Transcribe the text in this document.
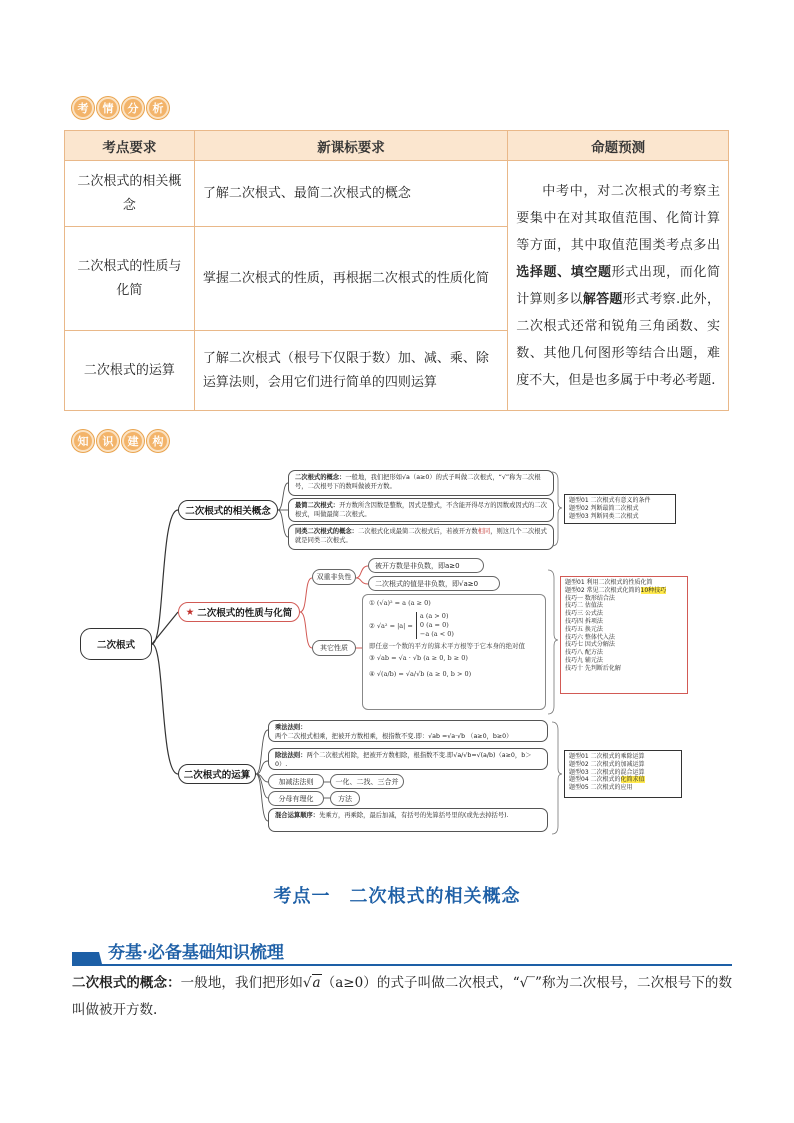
考	情	分	析
考点要求	新课标要求	命题预测
二次根式的相关概念	了解二次根式、最简二次根式的概念	中考中，对二次根式的考察主要集中在对其取值范围、化简计算等方面，其中取值范围类考点多出选择题、填空题形式出现，而化简计算则多以解答题形式考察.此外，二次根式还常和锐角三角函数、实数、其他几何图形等结合出题，难度不大，但是也多属于中考必考题.
二次根式的性质与化简	掌握二次根式的性质，再根据二次根式的性质化简	
二次根式的运算	了解二次根式（根号下仅限于数）加、减、乘、除运算法则，会用它们进行简单的四则运算	
知	识	建	构
二次根式
二次根式的相关概念
二次根式的概念：一般地，我们把形如√a（a≥0）的式子叫做二次根式，“√”称为二次根号，二次根号下的数叫做被开方数。
最简二次根式：开方数所含因数是整数，因式是整式，不含能开得尽方的因数或因式的二次根式，叫做最简二次根式。
同类二次根式的概念：二次根式化成最简二次根式后，若被开方数相同，则这几个二次根式就是同类二次根式。
题型01 二次根式有意义的条件
题型02 判断最简二次根式
题型03 判断同类二次根式
★ 二次根式的性质与化简
双重非负性
被开方数是非负数，即a≥0
二次根式的值是非负数，即√a≥0
其它性质
① (√a)² = a (a ≥ 0)
② √a² = |a| =
a (a > 0)
0 (a = 0)
−a (a < 0)
即任意一个数的平方的算术平方根等于它本身的绝对值
③ √ab = √a · √b (a ≥ 0, b ≥ 0)
④ √(a/b) = √a/√b (a ≥ 0, b > 0)
题型01 利用二次根式的性质化简
题型02 常见二次根式化简的10种技巧
技巧一 数形结合法
技巧二 估值法
技巧三 公式法
技巧四 拆项法
技巧五 换元法
技巧六 整体代入法
技巧七 因式分解法
技巧八 配方法
技巧九 辅元法
技巧十 先判断后化解
二次根式的运算
乘法法则：两个二次根式相乘，把被开方数相乘，根指数不变.即：√ab =√a·√b （a≥0，b≥0）
除法法则：两个二次根式相除，把被开方数相除，根指数不变.即√a/√b=√(a/b)（a≥0，b＞0）.
加减法法则	一化、二找、三合并
分母有理化	方法
混合运算顺序：先乘方，再乘除，最后加减，有括号的先算括号里的(或先去掉括号).
题型01 二次根式的乘除运算
题型02 二次根式的加减运算
题型03 二次根式的混合运算
题型04 二次根式的化简求值
题型05 二次根式的应用
考点一　二次根式的相关概念
夯基·必备基础知识梳理
二次根式的概念：一般地，我们把形如√a（a≥0）的式子叫做二次根式，“√‾”称为二次根号，二次根号下的数叫做被开方数.
